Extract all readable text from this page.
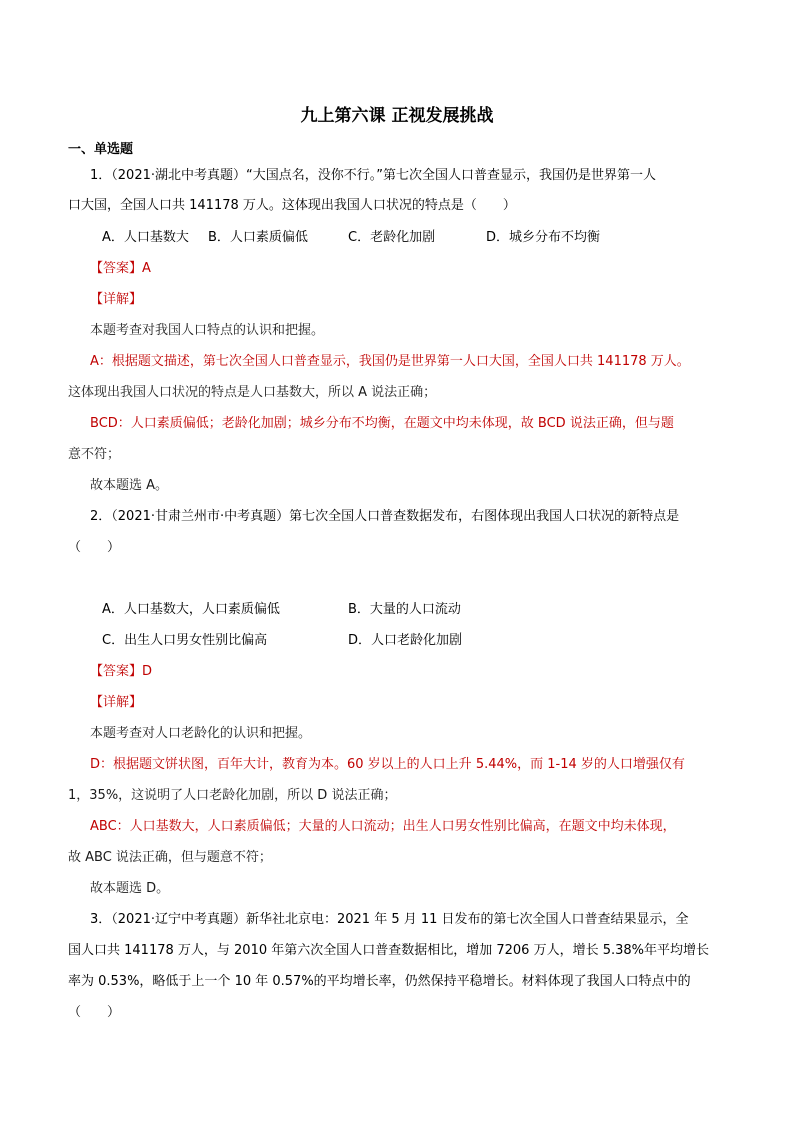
九上第六课 正视发展挑战
一、单选题
1．（2021·湖北中考真题）“大国点名，没你不行。”第七次全国人口普查显示，我国仍是世界第一人
口大国，全国人口共 141178 万人。这体现出我国人口状况的特点是（　　）
A．人口基数大 B．人口素质偏低	C．老龄化加剧	D．城乡分布不均衡
【答案】A
【详解】
本题考查对我国人口特点的认识和把握。
A：根据题文描述，第七次全国人口普查显示，我国仍是世界第一人口大国，全国人口共 141178 万人。
这体现出我国人口状况的特点是人口基数大，所以 A 说法正确；
BCD：人口素质偏低；老龄化加剧；城乡分布不均衡，在题文中均未体现，故 BCD 说法正确，但与题
意不符；
故本题选 A。
2．（2021·甘肃兰州市·中考真题）第七次全国人口普查数据发布，右图体现出我国人口状况的新特点是
（　　）
A．人口基数大，人口素质偏低	B．大量的人口流动
C．出生人口男女性别比偏高	D．人口老龄化加剧
【答案】D
【详解】
本题考查对人口老龄化的认识和把握。
D：根据题文饼状图，百年大计，教育为本。60 岁以上的人口上升 5.44%，而 1-14 岁的人口增强仅有
1，35%，这说明了人口老龄化加剧，所以 D 说法正确；
ABC：人口基数大，人口素质偏低；大量的人口流动；出生人口男女性别比偏高，在题文中均未体现，
故 ABC 说法正确，但与题意不符；
故本题选 D。
3．（2021·辽宁中考真题）新华社北京电：2021 年 5 月 11 日发布的第七次全国人口普查结果显示，全
国人口共 141178 万人，与 2010 年第六次全国人口普查数据相比，增加 7206 万人，增长 5.38%年平均增长
率为 0.53%，略低于上一个 10 年 0.57%的平均增长率，仍然保持平稳增长。材料体现了我国人口特点中的
（　　）
